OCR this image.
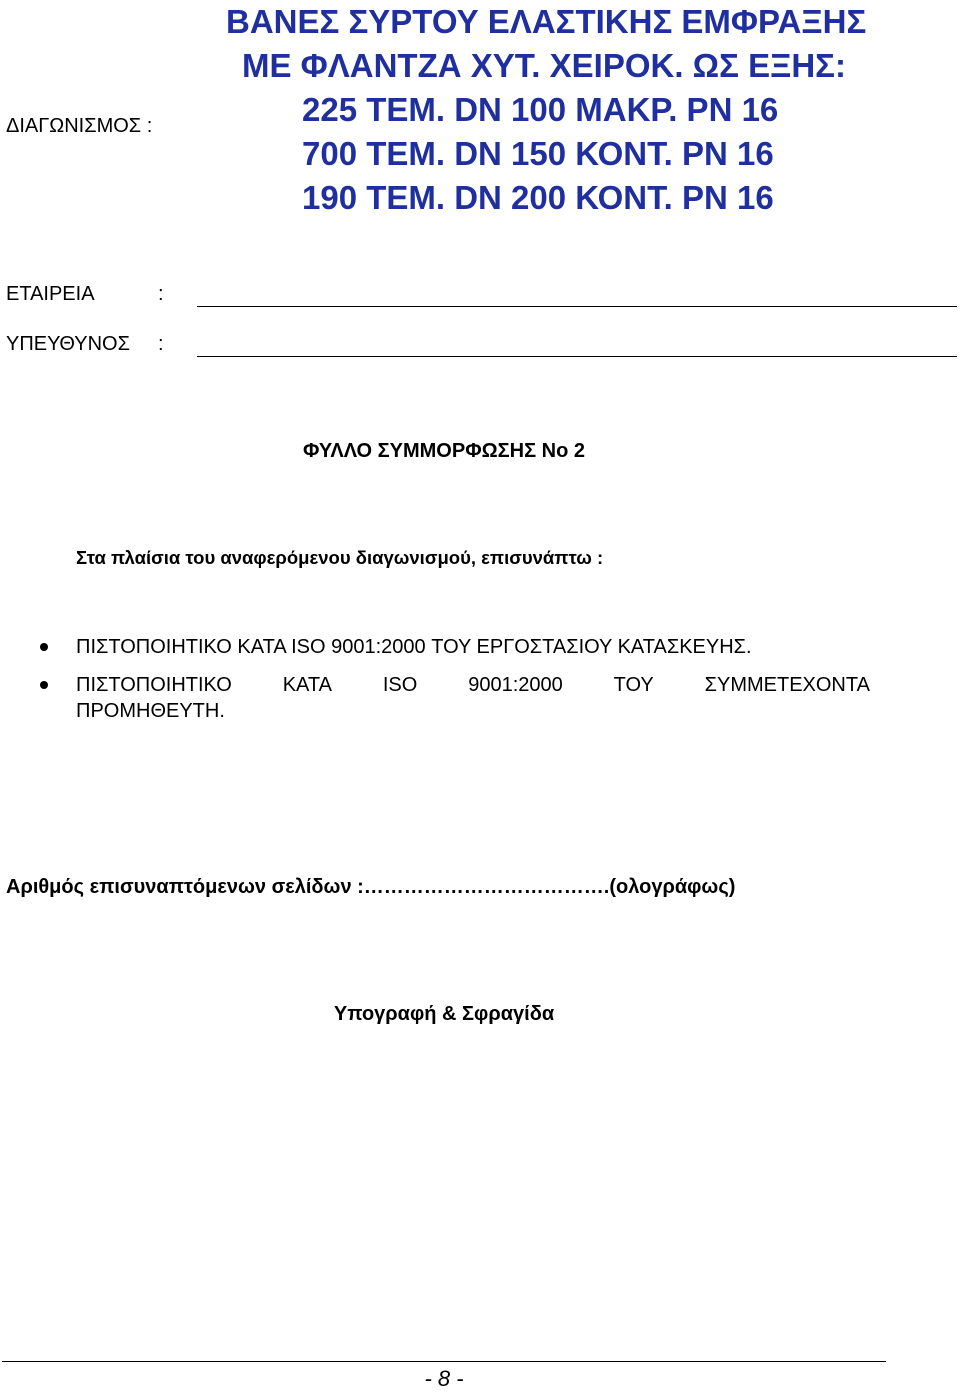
ΔΙΑΓΩΝΙΣΜΟΣ :
ΒΑΝΕΣ ΣΥΡΤΟΥ ΕΛΑΣΤΙΚΗΣ ΕΜΦΡΑΞΗΣ
ΜΕ ΦΛΑΝΤΖΑ ΧΥΤ. ΧΕΙΡΟΚ. ΩΣ ΕΞΗΣ:
225 ΤΕΜ. DN 100 ΜΑΚΡ. PN 16
700 ΤΕΜ. DN 150 ΚΟΝΤ. PN 16
190 ΤΕΜ. DN 200 ΚΟΝΤ. PN 16
ΕΤΑΙΡΕΙΑ	:
ΥΠΕΥΘΥΝΟΣ :
ΦΥΛΛΟ ΣΥΜΜΟΡΦΩΣΗΣ Νο 2
Στα πλαίσια του αναφερόμενου διαγωνισμού, επισυνάπτω :
ΠΙΣΤΟΠΟΙΗΤΙΚΟ ΚΑΤΑ ISO 9001:2000 ΤΟΥ ΕΡΓΟΣΤΑΣΙΟΥ ΚΑΤΑΣΚΕΥΗΣ.
ΠΙΣΤΟΠΟΙΗΤΙΚΟ	ΚΑΤΑ	ISO	9001:2000	ΤΟΥ	ΣΥΜΜΕΤΕΧΟΝΤΑ
ΠΡΟΜΗΘΕΥΤΗ.
Αριθμός επισυναπτόμενων σελίδων :……………………………….(ολογράφως)
Υπογραφή & Σφραγίδα
- 8 -
